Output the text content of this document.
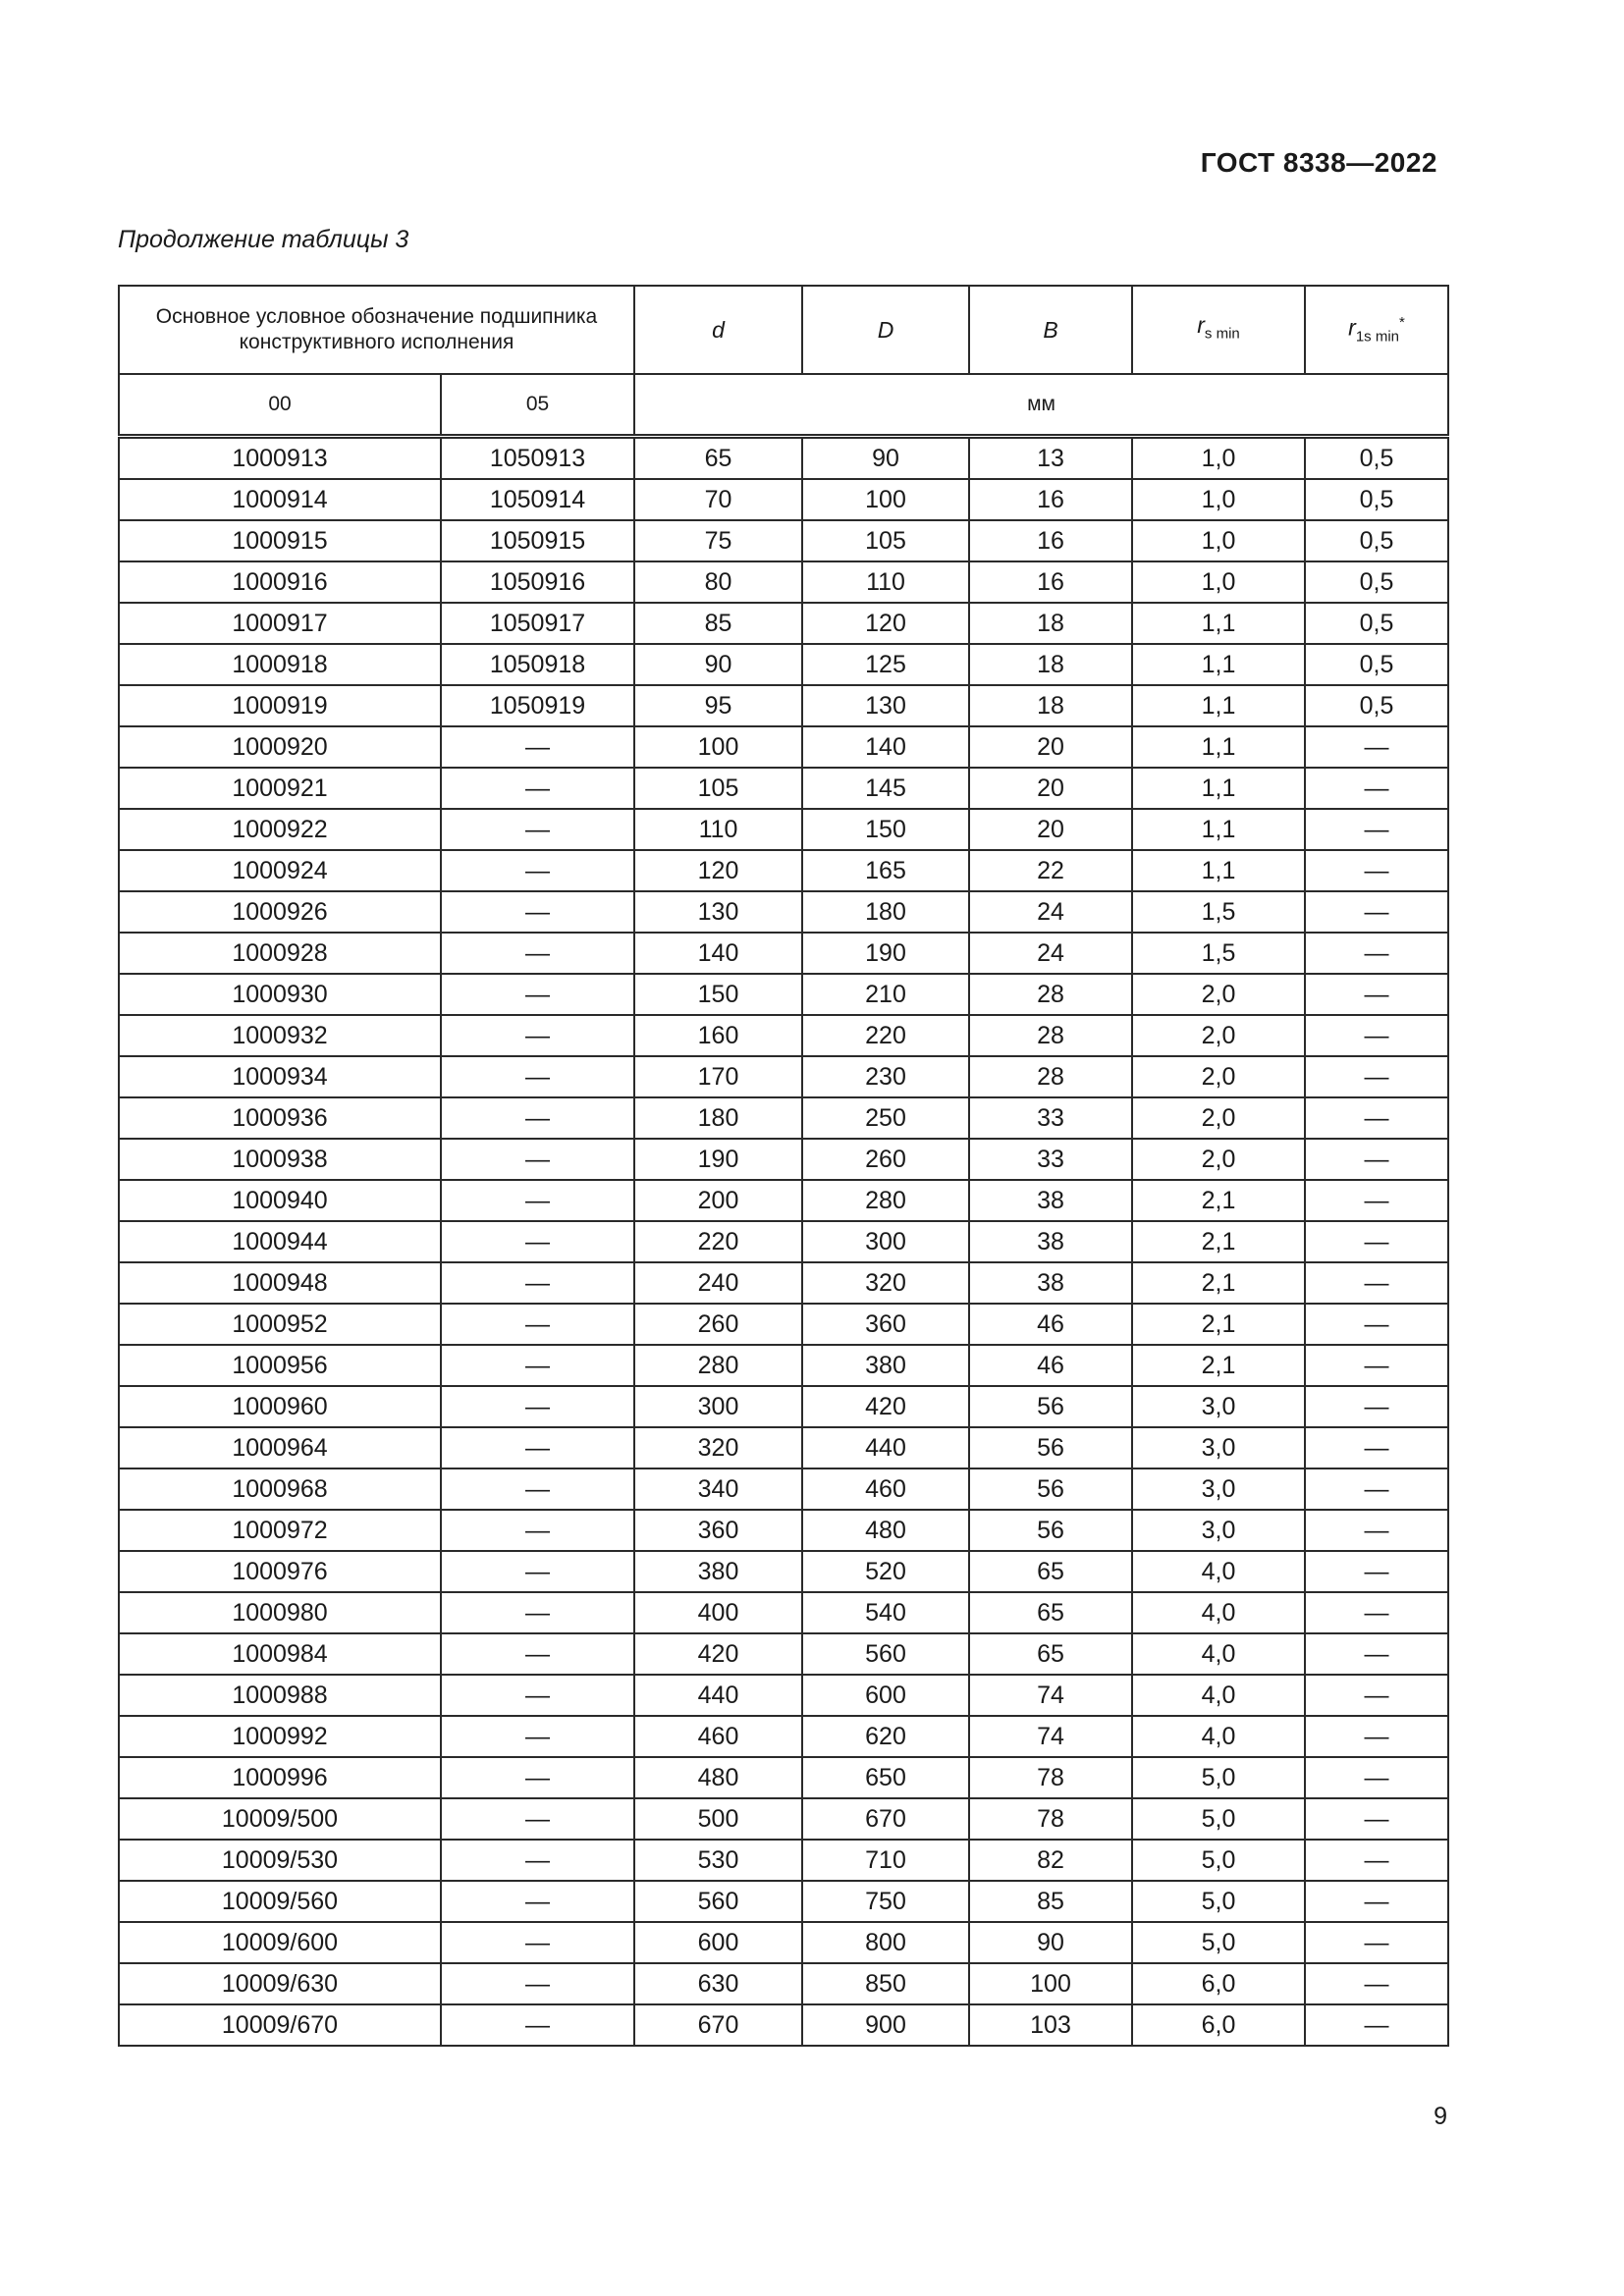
ГОСТ 8338—2022
Продолжение таблицы 3
Основное условное обозначение подшипника конструктивного исполнения		d	D	B	$r_{s min}$	$r_{1s min}^*$
00	05	мм				
1000913	1050913	65	90	13	1,0	0,5
1000914	1050914	70	100	16	1,0	0,5
1000915	1050915	75	105	16	1,0	0,5
1000916	1050916	80	110	16	1,0	0,5
1000917	1050917	85	120	18	1,1	0,5
1000918	1050918	90	125	18	1,1	0,5
1000919	1050919	95	130	18	1,1	0,5
1000920	—	100	140	20	1,1	—
1000921	—	105	145	20	1,1	—
1000922	—	110	150	20	1,1	—
1000924	—	120	165	22	1,1	—
1000926	—	130	180	24	1,5	—
1000928	—	140	190	24	1,5	—
1000930	—	150	210	28	2,0	—
1000932	—	160	220	28	2,0	—
1000934	—	170	230	28	2,0	—
1000936	—	180	250	33	2,0	—
1000938	—	190	260	33	2,0	—
1000940	—	200	280	38	2,1	—
1000944	—	220	300	38	2,1	—
1000948	—	240	320	38	2,1	—
1000952	—	260	360	46	2,1	—
1000956	—	280	380	46	2,1	—
1000960	—	300	420	56	3,0	—
1000964	—	320	440	56	3,0	—
1000968	—	340	460	56	3,0	—
1000972	—	360	480	56	3,0	—
1000976	—	380	520	65	4,0	—
1000980	—	400	540	65	4,0	—
1000984	—	420	560	65	4,0	—
1000988	—	440	600	74	4,0	—
1000992	—	460	620	74	4,0	—
1000996	—	480	650	78	5,0	—
10009/500	—	500	670	78	5,0	—
10009/530	—	530	710	82	5,0	—
10009/560	—	560	750	85	5,0	—
10009/600	—	600	800	90	5,0	—
10009/630	—	630	850	100	6,0	—
10009/670	—	670	900	103	6,0	—
9
